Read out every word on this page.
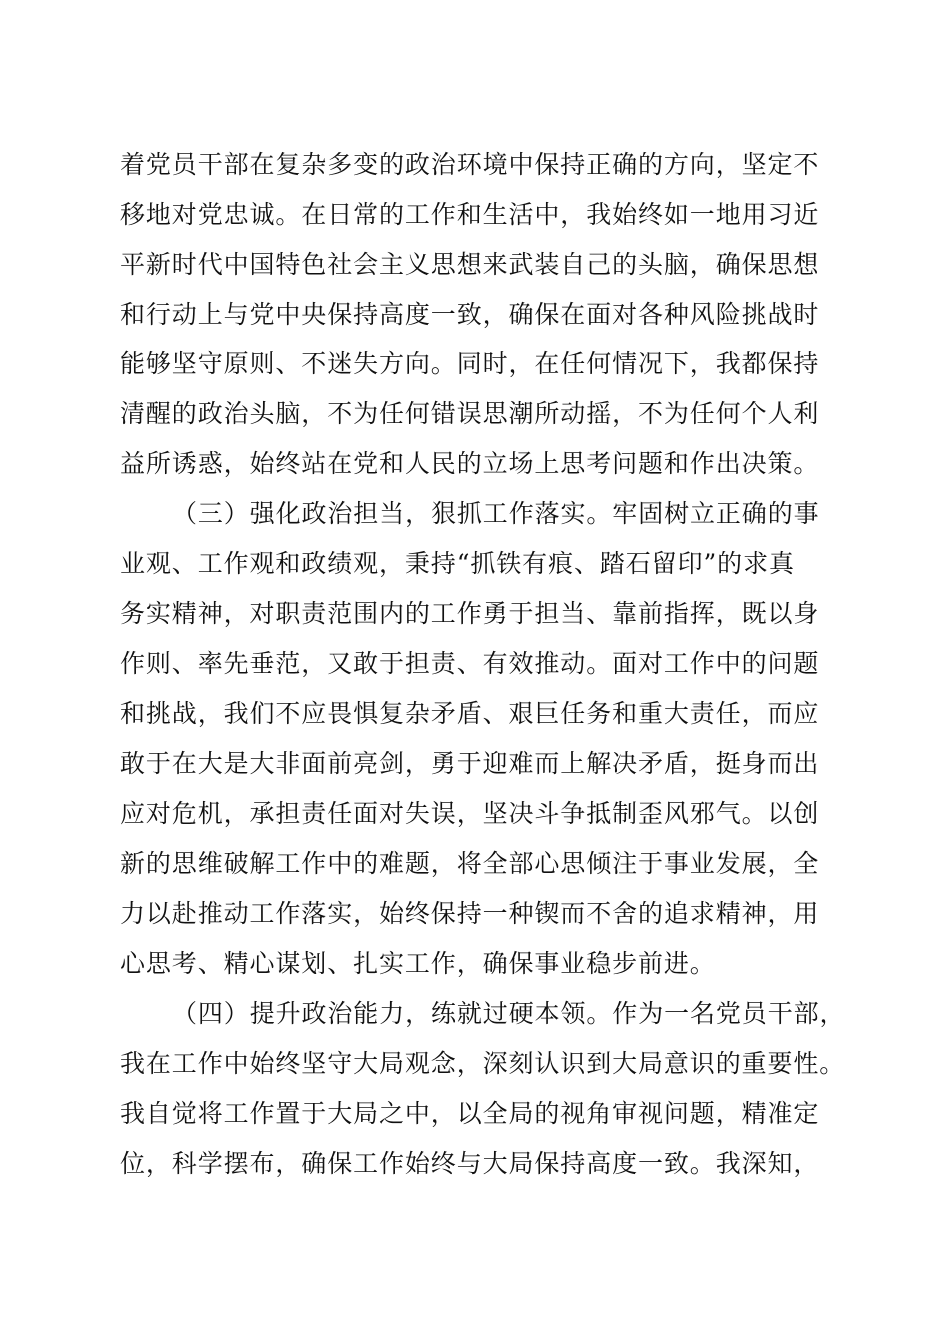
着党员干部在复杂多变的政治环境中保持正确的方向，坚定不
移地对党忠诚。在日常的工作和生活中，我始终如一地用习近
平新时代中国特色社会主义思想来武装自己的头脑，确保思想
和行动上与党中央保持高度一致，确保在面对各种风险挑战时
能够坚守原则、不迷失方向。同时，在任何情况下，我都保持
清醒的政治头脑，不为任何错误思潮所动摇，不为任何个人利
益所诱惑，始终站在党和人民的立场上思考问题和作出决策。
（三）强化政治担当，狠抓工作落实。牢固树立正确的事
业观、工作观和政绩观，秉持“抓铁有痕、踏石留印”的求真
务实精神，对职责范围内的工作勇于担当、靠前指挥，既以身
作则、率先垂范，又敢于担责、有效推动。面对工作中的问题
和挑战，我们不应畏惧复杂矛盾、艰巨任务和重大责任，而应
敢于在大是大非面前亮剑，勇于迎难而上解决矛盾，挺身而出
应对危机，承担责任面对失误，坚决斗争抵制歪风邪气。以创
新的思维破解工作中的难题，将全部心思倾注于事业发展，全
力以赴推动工作落实，始终保持一种锲而不舍的追求精神，用
心思考、精心谋划、扎实工作，确保事业稳步前进。
（四）提升政治能力，练就过硬本领。作为一名党员干部，
我在工作中始终坚守大局观念，深刻认识到大局意识的重要性。
我自觉将工作置于大局之中，以全局的视角审视问题，精准定
位，科学摆布，确保工作始终与大局保持高度一致。我深知，
